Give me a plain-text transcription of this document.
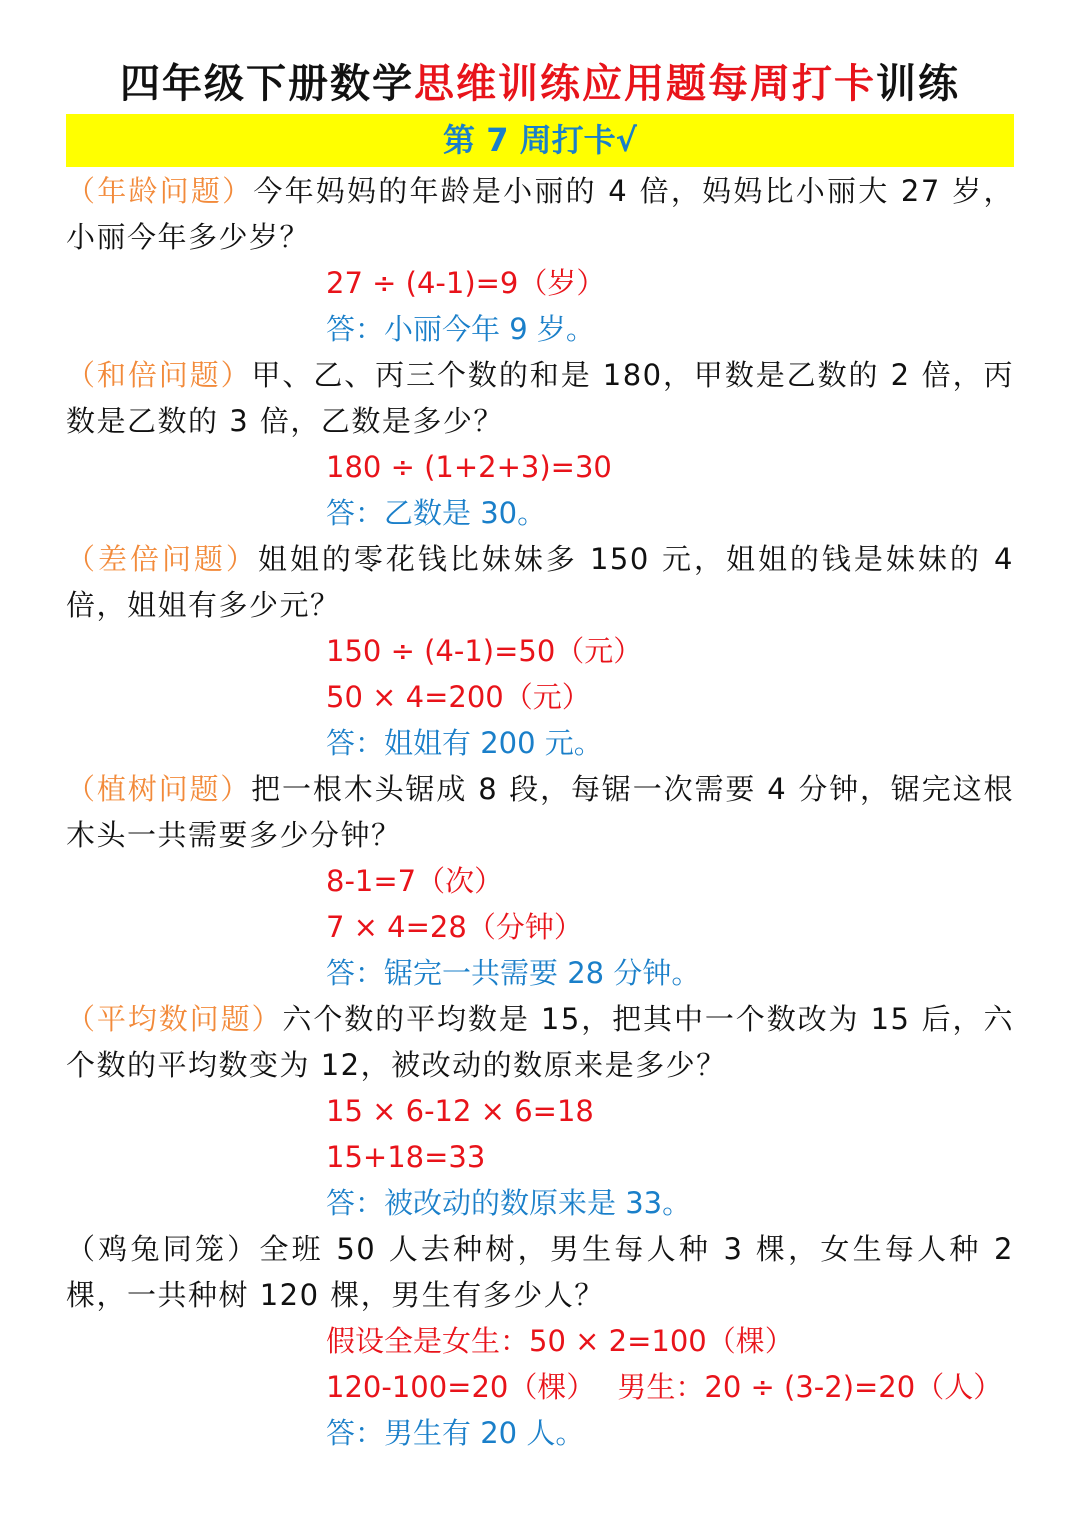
四年级下册数学思维训练应用题每周打卡训练
第 7 周打卡√
（年龄问题）今年妈妈的年龄是小丽的 4 倍，妈妈比小丽大 27 岁，小丽今年多少岁？
27 ÷ (4-1)=9（岁）
答：小丽今年 9 岁。
（和倍问题）甲、乙、丙三个数的和是 180，甲数是乙数的 2 倍，丙数是乙数的 3 倍，乙数是多少？
180 ÷ (1+2+3)=30
答：乙数是 30。
（差倍问题）姐姐的零花钱比妹妹多 150 元，姐姐的钱是妹妹的 4 倍，姐姐有多少元？
150 ÷ (4-1)=50（元）
50 × 4=200（元）
答：姐姐有 200 元。
（植树问题）把一根木头锯成 8 段，每锯一次需要 4 分钟，锯完这根木头一共需要多少分钟？
8-1=7（次）
7 × 4=28（分钟）
答：锯完一共需要 28 分钟。
（平均数问题）六个数的平均数是 15，把其中一个数改为 15 后，六个数的平均数变为 12，被改动的数原来是多少？
15 × 6-12 × 6=18
15+18=33
答：被改动的数原来是 33。
（鸡兔同笼）全班 50 人去种树，男生每人种 3 棵，女生每人种 2 棵，一共种树 120 棵，男生有多少人？
假设全是女生：50 × 2=100（棵）
120-100=20（棵） 男生：20 ÷ (3-2)=20（人）
答：男生有 20 人。
